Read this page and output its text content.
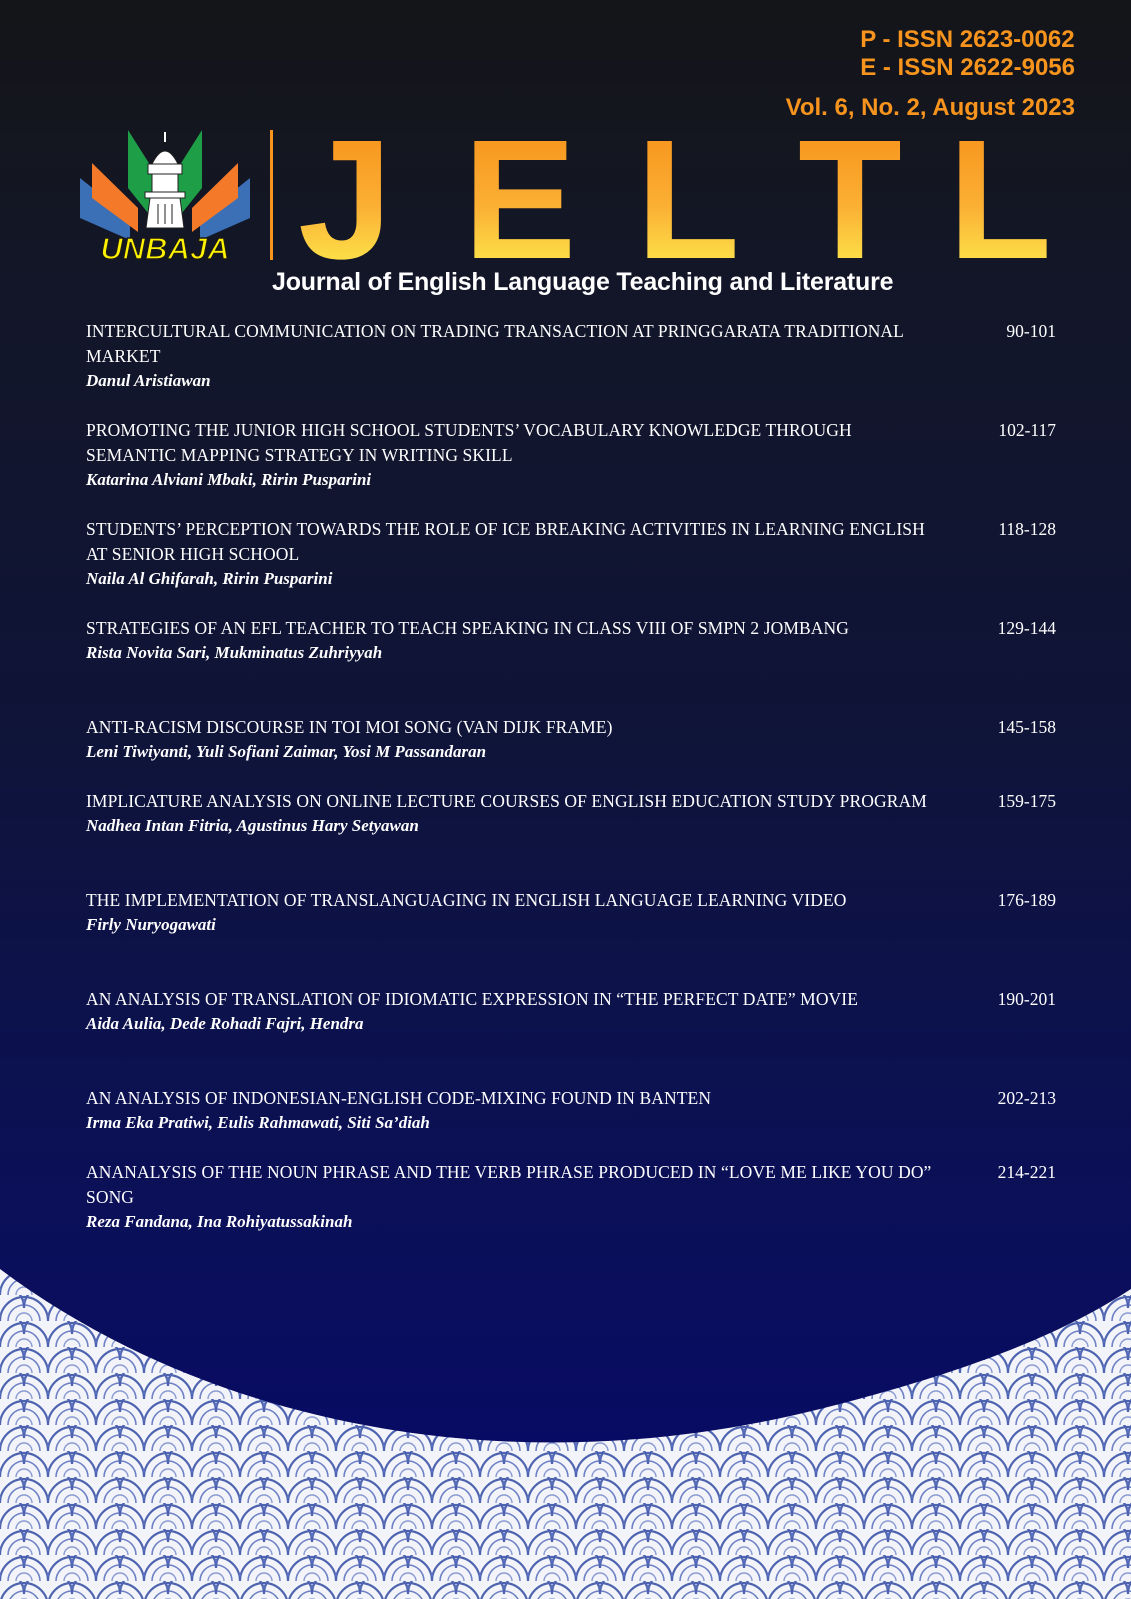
P - ISSN 2623-0062
E - ISSN 2622-9056
Vol. 6, No. 2, August 2023
UNBAJA J E L T L
Journal of English Language Teaching and Literature
INTERCULTURAL COMMUNICATION ON TRADING TRANSACTION AT PRINGGARATA TRADITIONAL MARKET
Danul Aristiawan
90-101
PROMOTING THE JUNIOR HIGH SCHOOL STUDENTS’ VOCABULARY KNOWLEDGE THROUGH SEMANTIC MAPPING STRATEGY IN WRITING SKILL
Katarina Alviani Mbaki, Ririn Pusparini
102-117
STUDENTS’ PERCEPTION TOWARDS THE ROLE OF ICE BREAKING ACTIVITIES IN LEARNING ENGLISH AT SENIOR HIGH SCHOOL
Naila Al Ghifarah, Ririn Pusparini
118-128
STRATEGIES OF AN EFL TEACHER TO TEACH SPEAKING IN CLASS VIII OF SMPN 2 JOMBANG
Rista Novita Sari, Mukminatus Zuhriyyah
129-144
ANTI-RACISM DISCOURSE IN TOI MOI SONG (VAN DIJK FRAME)
Leni Tiwiyanti, Yuli Sofiani Zaimar, Yosi M Passandaran
145-158
IMPLICATURE ANALYSIS ON ONLINE LECTURE COURSES OF ENGLISH EDUCATION STUDY PROGRAM
Nadhea Intan Fitria, Agustinus Hary Setyawan
159-175
THE IMPLEMENTATION OF TRANSLANGUAGING IN ENGLISH LANGUAGE LEARNING VIDEO
Firly Nuryogawati
176-189
AN ANALYSIS OF TRANSLATION OF IDIOMATIC EXPRESSION IN “THE PERFECT DATE” MOVIE
Aida Aulia, Dede Rohadi Fajri, Hendra
190-201
AN ANALYSIS OF INDONESIAN-ENGLISH CODE-MIXING FOUND IN BANTEN
Irma Eka Pratiwi, Eulis Rahmawati, Siti Sa’diah
202-213
ANANALYSIS OF THE NOUN PHRASE AND THE VERB PHRASE PRODUCED IN “LOVE ME LIKE YOU DO” SONG
Reza Fandana, Ina Rohiyatussakinah
214-221
